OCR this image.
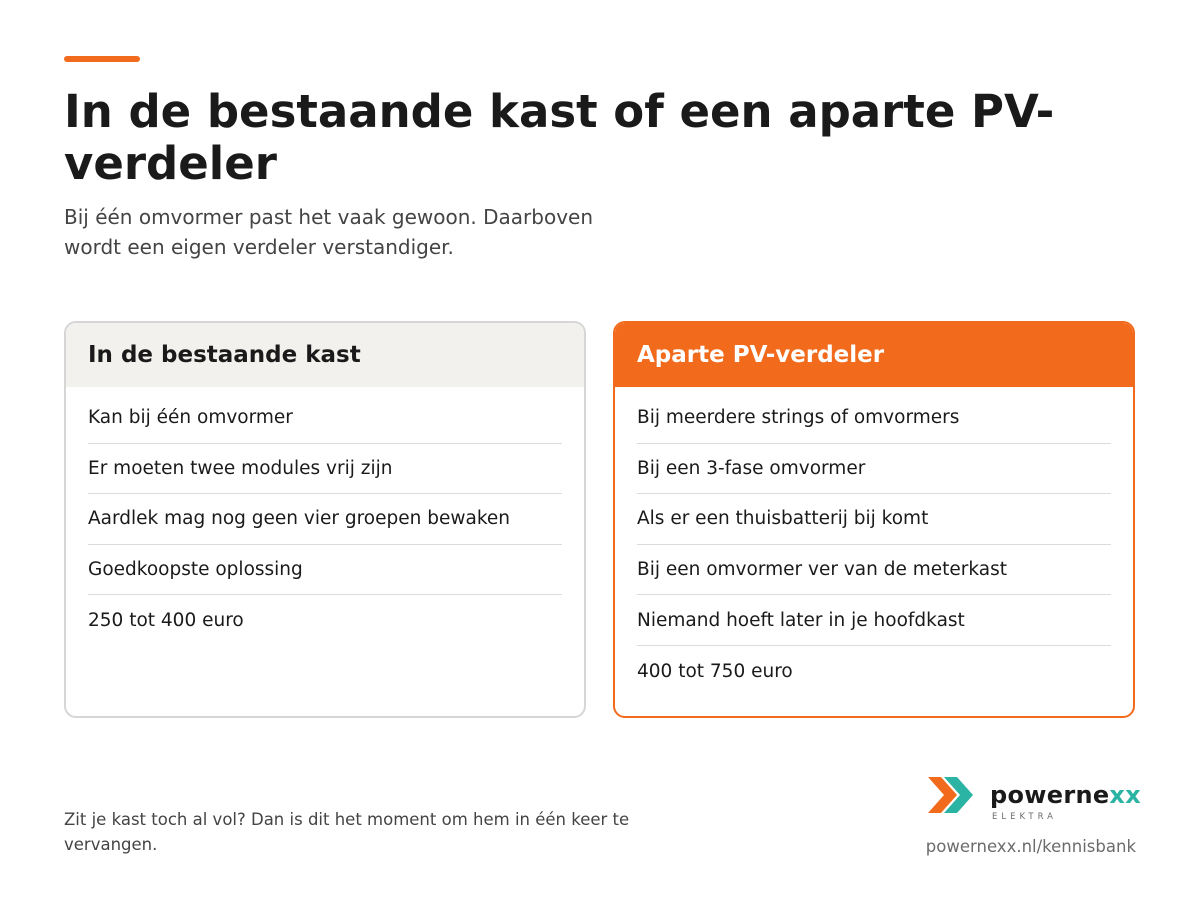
In de bestaande kast of een aparte PV-verdeler

Bij één omvormer past het vaak gewoon. Daarboven wordt een eigen verdeler verstandiger.

In de bestaande kast
Kan bij één omvormer
Er moeten twee modules vrij zijn
Aardlek mag nog geen vier groepen bewaken
Goedkoopste oplossing
250 tot 400 euro
Aparte PV-verdeler
Bij meerdere strings of omvormers
Bij een 3-fase omvormer
Als er een thuisbatterij bij komt
Bij een omvormer ver van de meterkast
Niemand hoeft later in je hoofdkast
400 tot 750 euro

Zit je kast toch al vol? Dan is dit het moment om hem in één keer te vervangen.

powernexx
ELEKTRA
powernexx.nl/kennisbank
